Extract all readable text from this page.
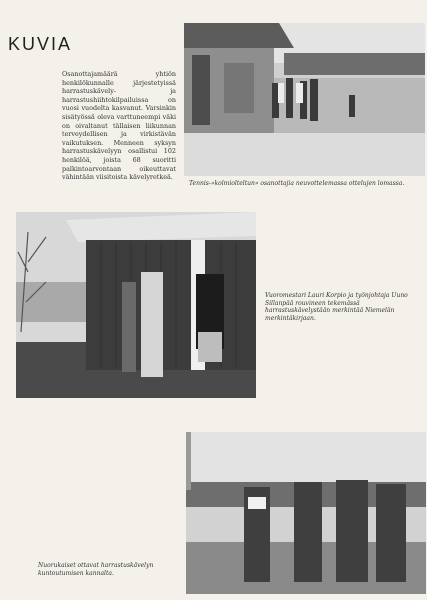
KUVIA
Osanottajamäärä yhtiön henkilökunnalle järjestetyissä harrastuskävely- ja harrastushiihtokilpailuissa on vuosi vuodelta kasvanut. Varsinkin sisätyössä oleva varttuneempi väki on oivaltanut tällaisen liikunnan terveydellisen ja virkistävän vaikutuksen. Menneen syksyn harrastuskävelyyn osallistui 102 henkilöä, joista 68 suoritti palkintoarvontaan oikeuttavat vähintään viisitoista kävelyretkeä.
Tennis-»kolmiolteltun» osanottajia neuvottelemassa ottelujen lomassa.
Vuoromestari Lauri Korpio ja työnjohtaja Uuno Sillanpää rouvineen tekemässä harrastuskävelystään merkintää Niemelän merkintäkirjaan.
Nuorukaiset ottavat harrastuskävelyn kuntoutumisen kannalta.
